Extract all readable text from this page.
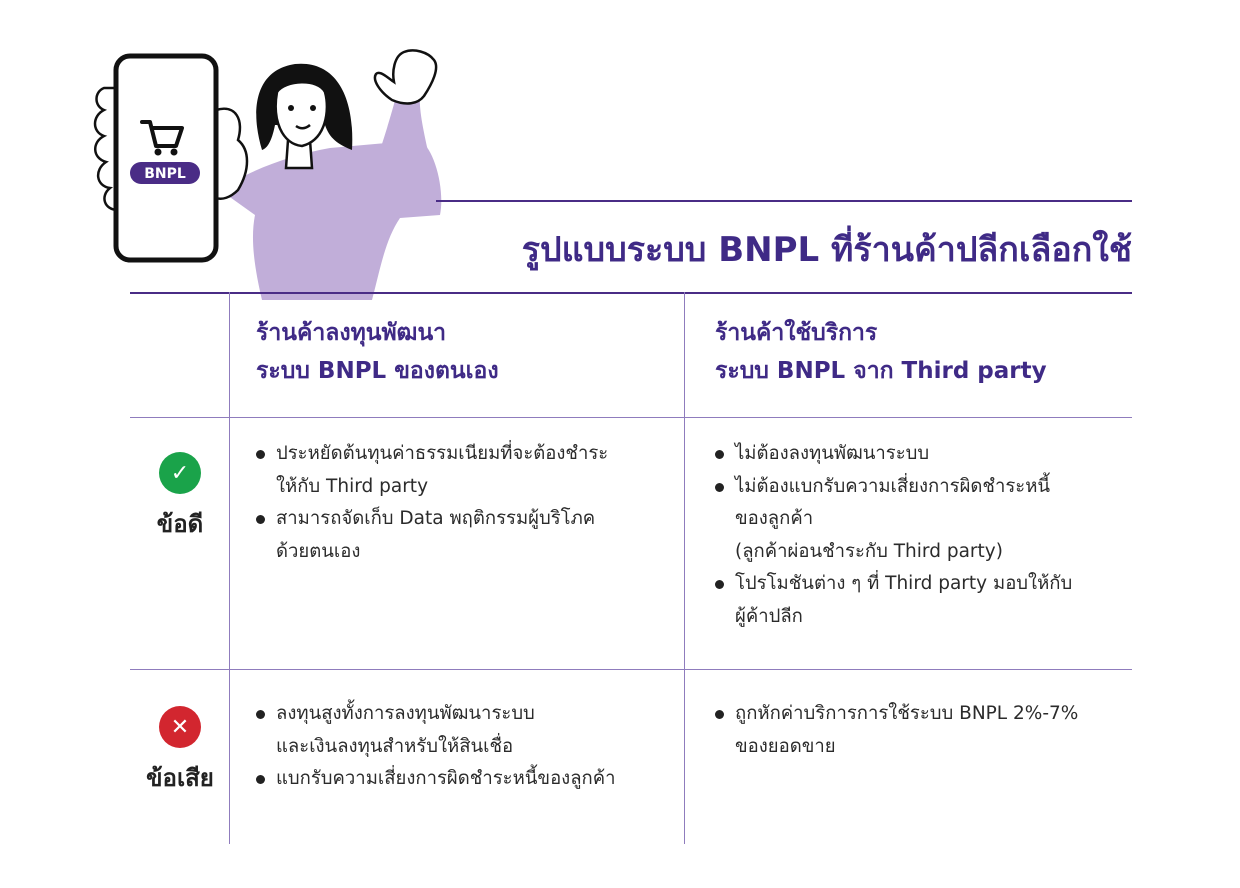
BNPL
รูปแบบระบบ BNPL ที่ร้านค้าปลีกเลือกใช้
ร้านค้าลงทุนพัฒนา
ระบบ BNPL ของตนเอง
ร้านค้าใช้บริการ
ระบบ BNPL จาก Third party
✓
ข้อดี
ประหยัดต้นทุนค่าธรรมเนียมที่จะต้องชำระ
ให้กับ Third party
สามารถจัดเก็บ Data พฤติกรรมผู้บริโภค
ด้วยตนเอง
ไม่ต้องลงทุนพัฒนาระบบ
ไม่ต้องแบกรับความเสี่ยงการผิดชำระหนี้
ของลูกค้า
(ลูกค้าผ่อนชำระกับ Third party)
โปรโมชันต่าง ๆ ที่ Third party มอบให้กับ
ผู้ค้าปลีก
✕
ข้อเสีย
ลงทุนสูงทั้งการลงทุนพัฒนาระบบ
และเงินลงทุนสำหรับให้สินเชื่อ
แบกรับความเสี่ยงการผิดชำระหนี้ของลูกค้า
ถูกหักค่าบริการการใช้ระบบ BNPL 2%-7%
ของยอดขาย
